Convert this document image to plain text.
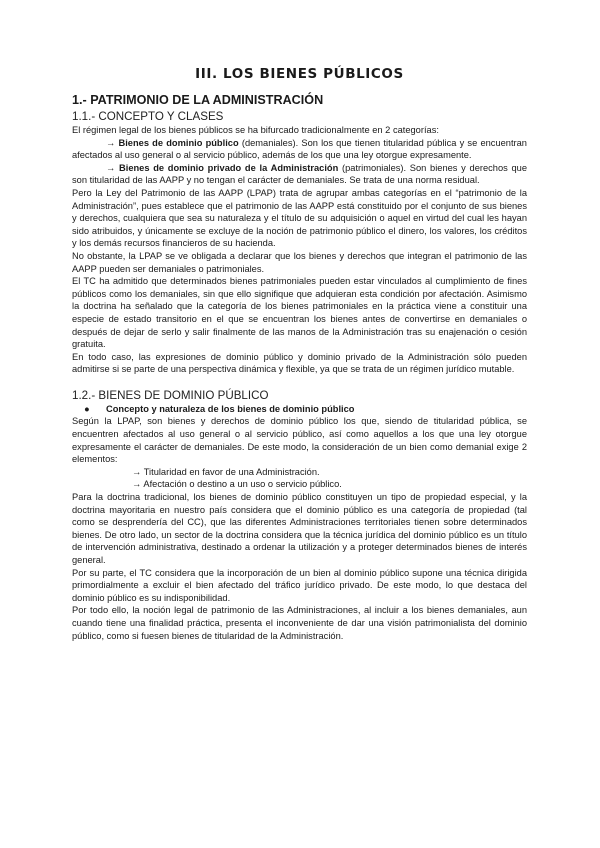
III. LOS BIENES PÚBLICOS
1.- PATRIMONIO DE LA ADMINISTRACIÓN
1.1.- CONCEPTO Y CLASES

El régimen legal de los bienes públicos se ha bifurcado tradicionalmente en 2 categorías:

→ Bienes de dominio público (demaniales). Son los que tienen titularidad pública y se encuentran afectados al uso general o al servicio público, además de los que una ley otorgue expresamente.

→ Bienes de dominio privado de la Administración (patrimoniales). Son bienes y derechos que son titularidad de las AAPP y no tengan el carácter de demaniales. Se trata de una norma residual.

Pero la Ley del Patrimonio de las AAPP (LPAP) trata de agrupar ambas categorías en el “patrimonio de la Administración”, pues establece que el patrimonio de las AAPP está constituido por el conjunto de sus bienes y derechos, cualquiera que sea su naturaleza y el título de su adquisición o aquel en virtud del cual les hayan sido atribuidos, y únicamente se excluye de la noción de patrimonio público el dinero, los valores, los créditos y los demás recursos financieros de su hacienda.

No obstante, la LPAP se ve obligada a declarar que los bienes y derechos que integran el patrimonio de las AAPP pueden ser demaniales o patrimoniales.

El TC ha admitido que determinados bienes patrimoniales pueden estar vinculados al cumplimiento de fines públicos como los demaniales, sin que ello signifique que adquieran esta condición por afectación. Asimismo la doctrina ha señalado que la categoría de los bienes patrimoniales en la práctica viene a constituir una especie de estado transitorio en el que se encuentran los bienes antes de convertirse en demaniales o después de dejar de serlo y salir finalmente de las manos de la Administración tras su enajenación o cesión gratuita.

En todo caso, las expresiones de dominio público y dominio privado de la Administración sólo pueden admitirse si se parte de una perspectiva dinámica y flexible, ya que se trata de un régimen jurídico mutable.

1.2.- BIENES DE DOMINIO PÚBLICO

● Concepto y naturaleza de los bienes de dominio público

Según la LPAP, son bienes y derechos de dominio público los que, siendo de titularidad pública, se encuentren afectados al uso general o al servicio público, así como aquellos a los que una ley otorgue expresamente el carácter de demaniales. De este modo, la consideración de un bien como demanial exige 2 elementos:

→ Titularidad en favor de una Administración.

→ Afectación o destino a un uso o servicio público.

Para la doctrina tradicional, los bienes de dominio público constituyen un tipo de propiedad especial, y la doctrina mayoritaria en nuestro país considera que el dominio público es una categoría de propiedad (tal como se desprendería del CC), que las diferentes Administraciones territoriales tienen sobre determinados bienes. De otro lado, un sector de la doctrina considera que la técnica jurídica del dominio público es un título de intervención administrativa, destinado a ordenar la utilización y a proteger determinados bienes de interés general.

Por su parte, el TC considera que la incorporación de un bien al dominio público supone una técnica dirigida primordialmente a excluir el bien afectado del tráfico jurídico privado. De este modo, lo que destaca del dominio público es su indisponibilidad.

Por todo ello, la noción legal de patrimonio de las Administraciones, al incluir a los bienes demaniales, aun cuando tiene una finalidad práctica, presenta el inconveniente de dar una visión patrimonialista del dominio público, como si fuesen bienes de titularidad de la Administración.
